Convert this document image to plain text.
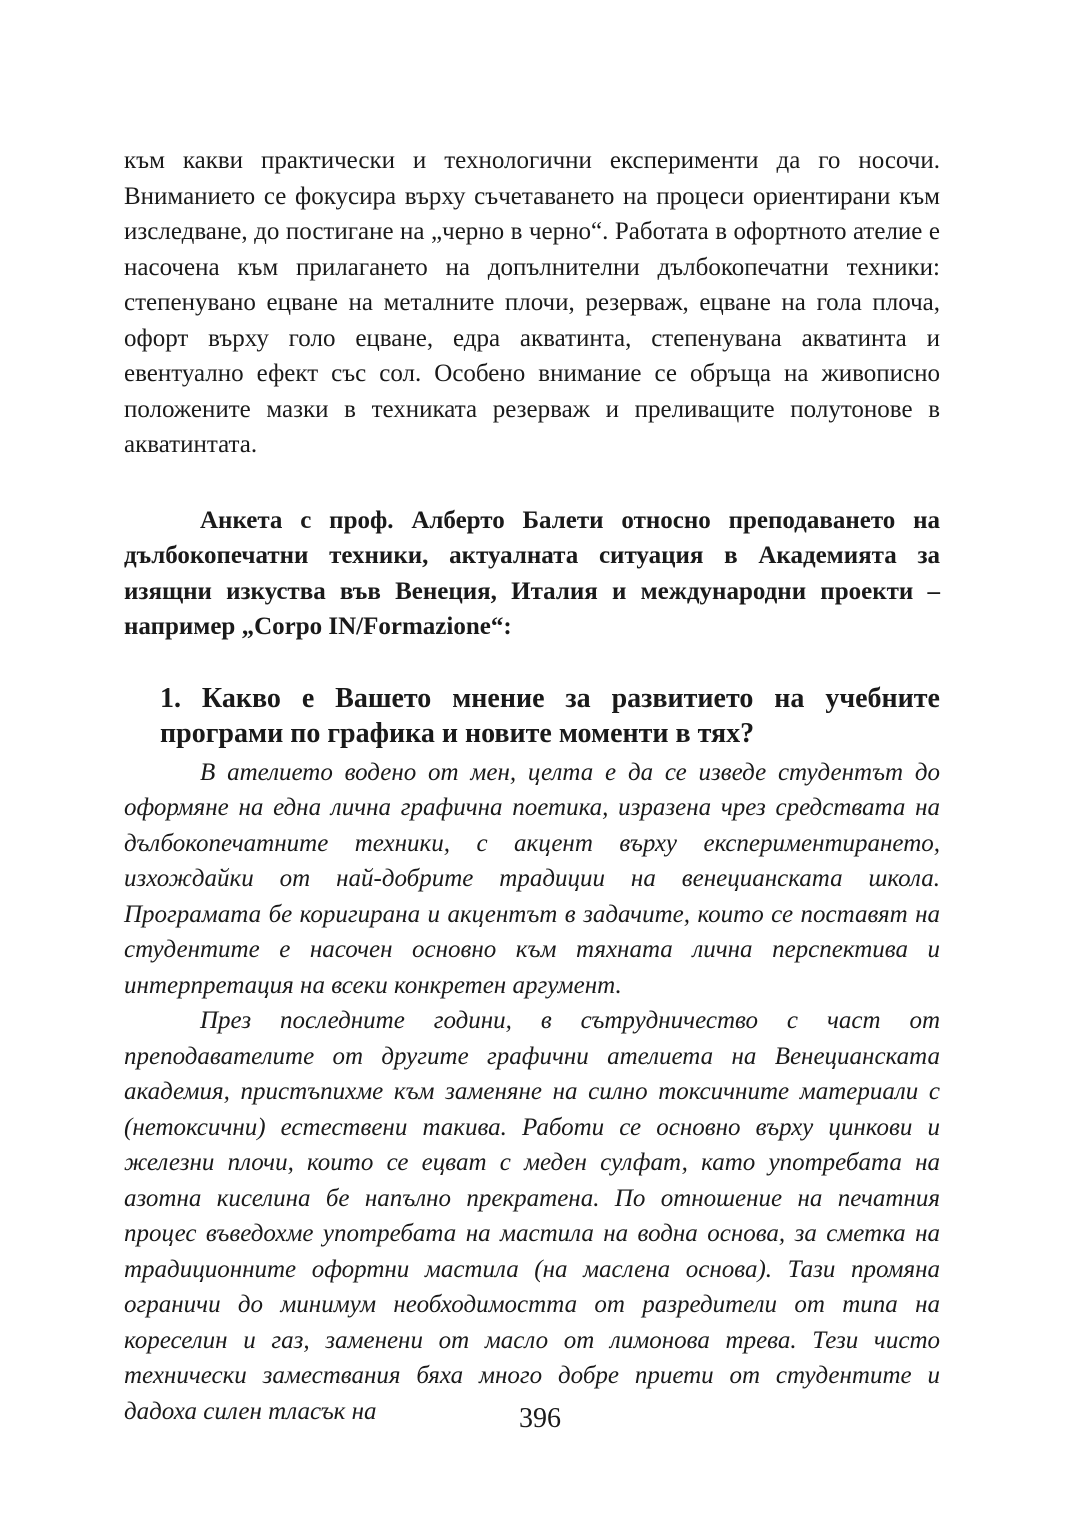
към какви практически и технологични експерименти да го носочи. Вниманието се фокусира върху съчетаването на процеси ориентирани към изследване, до постигане на „черно в черно“. Работата в офортното ателие е насочена към прилагането на допълнителни дълбокопечатни техники: степенувано ецване на металните плочи, резерваж, ецване на гола плоча, офорт върху голо ецване, едра акватинта, степенувана акватинта и евентуално ефект със сол. Особено внимание се обръща на живописно положените мазки в техниката резерваж и преливащите полутонове в акватинтата.

Анкета с проф. Алберто Балети относно преподаването на дълбокопечатни техники, актуалната ситуация в Академията за изящни изкуства във Венеция, Италия и международни проекти – например „Corpo IN/Formazione“:

1. Какво е Вашето мнение за развитието на учебните програми по графика и новите моменти в тях?

В ателието водено от мен, целта е да се изведе студентът до оформяне на една лична графична поетика, изразена чрез средствата на дълбокопечатните техники, с акцент върху експериментирането, изхождайки от най-добрите традиции на венецианската школа. Програмата бе коригирана и акцентът в задачите, които се поставят на студентите е насочен основно към тяхната лична перспектива и интерпретация на всеки конкретен аргумент.

През последните години, в сътрудничество с част от преподавателите от другите графични ателиета на Венецианската академия, пристъпихме към заменяне на силно токсичните материали с (нетоксични) естествени такива. Работи се основно върху цинкови и железни плочи, които се ецват с меден сулфат, като употребата на азотна киселина бе напълно прекратена. По отношение на печатния процес въведохме употребата на мастила на водна основа, за сметка на традиционните офортни мастила (на маслена основа). Тази промяна ограничи до минимум необходимостта от разредители от типа на кореселин и газ, заменени от масло от лимонова трева. Тези чисто технически замествания бяха много добре приети от студентите и дадоха силен тласък на	396
